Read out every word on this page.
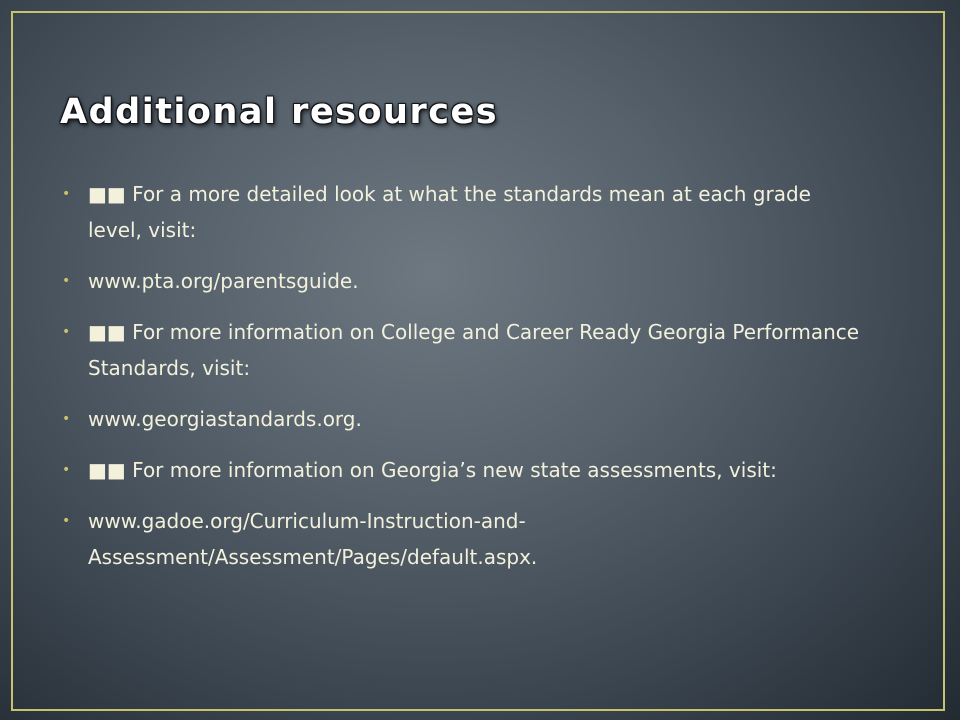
Additional resources
• ■■ For a more detailed look at what the standards mean at each grade level, visit:
• www.pta.org/parentsguide.
• ■■ For more information on College and Career Ready Georgia Performance Standards, visit:
• www.georgiastandards.org.
• ■■ For more information on Georgia’s new state assessments, visit:
• www.gadoe.org/Curriculum-Instruction-and-Assessment/Assessment/Pages/default.aspx.
